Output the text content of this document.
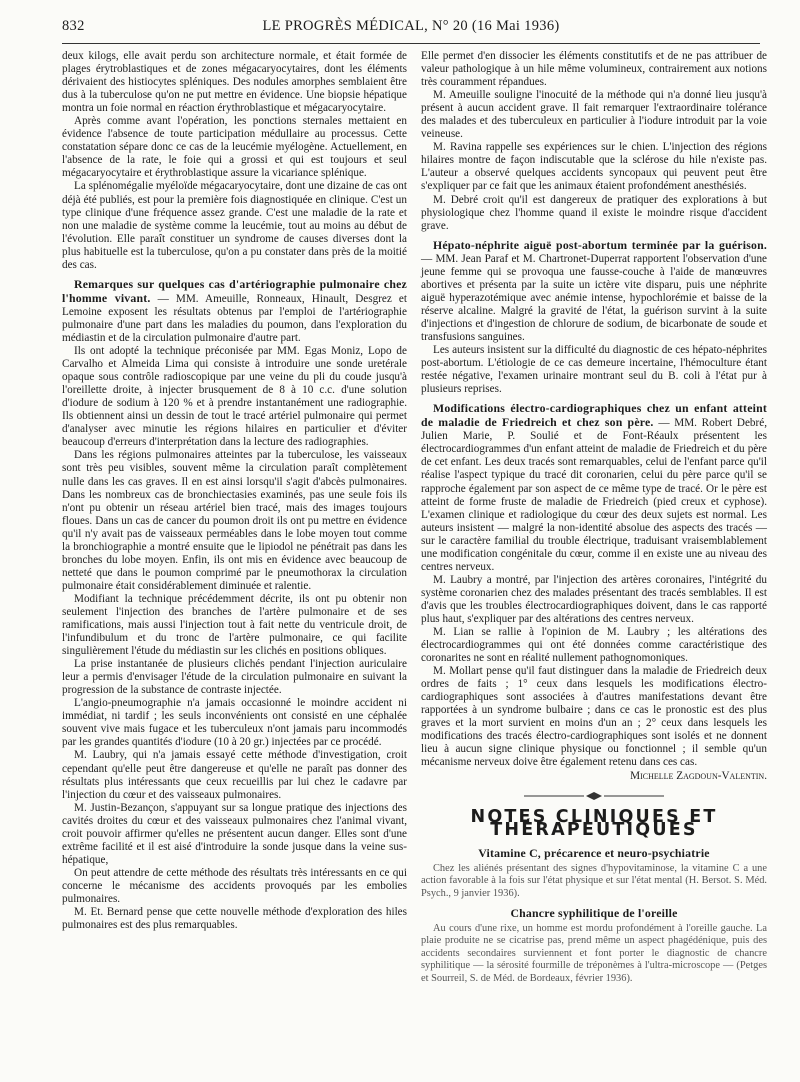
832	LE PROGRÈS MÉDICAL, N° 20 (16 Mai 1936)

deux kilogs, elle avait perdu son architecture normale, et était formée de plages érytroblastiques et de zones mégacaryocytaires, dont les éléments dérivaient des histiocytes spléniques. Des nodules amorphes semblaient être dus à la tuberculose qu'on ne put mettre en évidence. Une biopsie hépatique montra un foie normal en réaction érythroblastique et mégacaryocytaire.

Après comme avant l'opération, les ponctions sternales mettaient en évidence l'absence de toute participation médullaire au processus. Cette constatation sépare donc ce cas de la leucémie myélogène. Actuellement, en l'absence de la rate, le foie qui a grossi et qui est toujours et seul mégacaryocytaire et érythroblastique assure la vicariance splénique.

La splénomégalie myéloïde mégacaryocytaire, dont une dizaine de cas ont déjà été publiés, est pour la première fois diagnostiquée en clinique. C'est un type clinique d'une fréquence assez grande. C'est une maladie de la rate et non une maladie de système comme la leucémie, tout au moins au début de l'évolution. Elle paraît constituer un syndrome de causes diverses dont la plus habituelle est la tuberculose, qu'on a pu constater dans près de la moitié des cas.

Remarques sur quelques cas d'artériographie pulmonaire chez l'homme vivant. — MM. Ameuille, Ronneaux, Hinault, Desgrez et Lemoine exposent les résultats obtenus par l'emploi de l'artériographie pulmonaire d'une part dans les maladies du poumon, dans l'exploration du médiastin et de la circulation pulmonaire d'autre part.

Ils ont adopté la technique préconisée par MM. Egas Moniz, Lopo de Carvalho et Almeida Lima qui consiste à introduire une sonde uretérale opaque sous contrôle radioscopique par une veine du pli du coude jusqu'à l'oreillette droite, à injecter brusquement de 8 à 10 c.c. d'une solution d'iodure de sodium à 120 % et à prendre instantanément une radiographie. Ils obtiennent ainsi un dessin de tout le tracé artériel pulmonaire qui permet d'analyser avec minutie les régions hilaires en particulier et d'éviter beaucoup d'erreurs d'interprétation dans la lecture des radiographies.

Dans les régions pulmonaires atteintes par la tuberculose, les vaisseaux sont très peu visibles, souvent même la circulation paraît complètement nulle dans les cas graves. Il en est ainsi lorsqu'il s'agit d'abcès pulmonaires. Dans les nombreux cas de bronchiectasies examinés, pas une seule fois ils n'ont pu obtenir un réseau artériel bien tracé, mais des images toujours floues. Dans un cas de cancer du poumon droit ils ont pu mettre en évidence qu'il n'y avait pas de vaisseaux perméables dans le lobe moyen tout comme la bronchiographie a montré ensuite que le lipiodol ne pénétrait pas dans les bronches du lobe moyen. Enfin, ils ont mis en évidence avec beaucoup de netteté que dans le poumon comprimé par le pneumothorax la circulation pulmonaire était considérablement diminuée et ralentie.

Modifiant la technique précédemment décrite, ils ont pu obtenir non seulement l'injection des branches de l'artère pulmonaire et de ses ramifications, mais aussi l'injection tout à fait nette du ventricule droit, de l'infundibulum et du tronc de l'artère pulmonaire, ce qui facilite singulièrement l'étude du médiastin sur les clichés en positions obliques.

La prise instantanée de plusieurs clichés pendant l'injection auriculaire leur a permis d'envisager l'étude de la circulation pulmonaire en suivant la progression de la substance de contraste injectée.

L'angio-pneumographie n'a jamais occasionné le moindre accident ni immédiat, ni tardif ; les seuls inconvénients ont consisté en une céphalée souvent vive mais fugace et les tuberculeux n'ont jamais paru incommodés par les grandes quantités d'iodure (10 à 20 gr.) injectées par ce procédé.

M. Laubry, qui n'a jamais essayé cette méthode d'investigation, croit cependant qu'elle peut être dangereuse et qu'elle ne paraît pas donner des résultats plus intéressants que ceux recueillis par lui chez le cadavre par l'injection du cœur et des vaisseaux pulmonaires.

M. Justin-Bezançon, s'appuyant sur sa longue pratique des injections des cavités droites du cœur et des vaisseaux pulmonaires chez l'animal vivant, croit pouvoir affirmer qu'elles ne présentent aucun danger. Elles sont d'une extrême facilité et il est aisé d'introduire la sonde jusque dans la veine sus-hépatique,

On peut attendre de cette méthode des résultats très intéressants en ce qui concerne le mécanisme des accidents provoqués par les embolies pulmonaires.

M. Et. Bernard pense que cette nouvelle méthode d'exploration des hiles pulmonaires est des plus remarquables.

Elle permet d'en dissocier les éléments constitutifs et de ne pas attribuer de valeur pathologique à un hile même volumineux, contrairement aux notions très couramment répandues.

M. Ameuille souligne l'inocuité de la méthode qui n'a donné lieu jusqu'à présent à aucun accident grave. Il fait remarquer l'extraordinaire tolérance des malades et des tuberculeux en particulier à l'iodure introduit par la voie veineuse.

M. Ravina rappelle ses expériences sur le chien. L'injection des régions hilaires montre de façon indiscutable que la sclérose du hile n'existe pas. L'auteur a observé quelques accidents syncopaux qui peuvent peut être s'expliquer par ce fait que les animaux étaient profondément anesthésiés.

M. Debré croit qu'il est dangereux de pratiquer des explorations à but physiologique chez l'homme quand il existe le moindre risque d'accident grave.

Hépato-néphrite aiguë post-abortum terminée par la guérison. — MM. Jean Paraf et M. Chartronet-Duperrat rapportent l'observation d'une jeune femme qui se provoqua une fausse-couche à l'aide de manœuvres abortives et présenta par la suite un ictère vite disparu, puis une néphrite aiguë hyperazotémique avec anémie intense, hypochlorémie et baisse de la réserve alcaline. Malgré la gravité de l'état, la guérison survint à la suite d'injections et d'ingestion de chlorure de sodium, de bicarbonate de soude et transfusions sanguines.

Les auteurs insistent sur la difficulté du diagnostic de ces hépato-néphrites post-abortum. L'étiologie de ce cas demeure incertaine, l'hémoculture étant restée négative, l'examen urinaire montrant seul du B. coli à l'état pur à plusieurs reprises.

Modifications électro-cardiographiques chez un enfant atteint de maladie de Friedreich et chez son père. — MM. Robert Debré, Julien Marie, P. Soulié et de Font-Réaulx présentent les électrocardiogrammes d'un enfant atteint de maladie de Friedreich et du père de cet enfant. Les deux tracés sont remarquables, celui de l'enfant parce qu'il réalise l'aspect typique du tracé dit coronarien, celui du père parce qu'il se rapproche également par son aspect de ce même type de tracé. Or le père est atteint de forme fruste de maladie de Friedreich (pied creux et cyphose). L'examen clinique et radiologique du cœur des deux sujets est normal. Les auteurs insistent — malgré la non-identité absolue des aspects des tracés — sur le caractère familial du trouble électrique, traduisant vraisemblablement une modification congénitale du cœur, comme il en existe une au niveau des centres nerveux.

M. Laubry a montré, par l'injection des artères coronaires, l'intégrité du système coronarien chez des malades présentant des tracés semblables. Il est d'avis que les troubles électrocardiographiques doivent, dans le cas rapporté plus haut, s'expliquer par des altérations des centres nerveux.

M. Lian se rallie à l'opinion de M. Laubry ; les altérations des électrocardiogrammes qui ont été données comme caractéristique des coronarites ne sont en réalité nullement pathognomoniques.

M. Mollart pense qu'il faut distinguer dans la maladie de Friedreich deux ordres de faits ; 1° ceux dans lesquels les modifications électro-cardiographiques sont associées à d'autres manifestations devant être rapportées à un syndrome bulbaire ; dans ce cas le pronostic est des plus graves et la mort survient en moins d'un an ; 2° ceux dans lesquels les modifications des tracés électro-cardiographiques sont isolés et ne donnent lieu à aucun signe clinique physique ou fonctionnel ; il semble qu'un mécanisme nerveux doive être également retenu dans ces cas.

Michelle Zagdoun-Valentin.

NOTES CLINIQUES ET THÉRAPEUTIQUES
Vitamine C, précarence et neuro-psychiatrie

Chez les aliénés présentant des signes d'hypovitaminose, la vitamine C a une action favorable à la fois sur l'état physique et sur l'état mental (H. Bersot. S. Méd. Psych., 9 janvier 1936).

Chancre syphilitique de l'oreille

Au cours d'une rixe, un homme est mordu profondément à l'oreille gauche. La plaie produite ne se cicatrise pas, prend même un aspect phagédénique, puis des accidents secondaires surviennent et font porter le diagnostic de chancre syphilitique — la sérosité fourmille de tréponèmes à l'ultra-microscope — (Petges et Sourreil, S. de Méd. de Bordeaux, février 1936).
